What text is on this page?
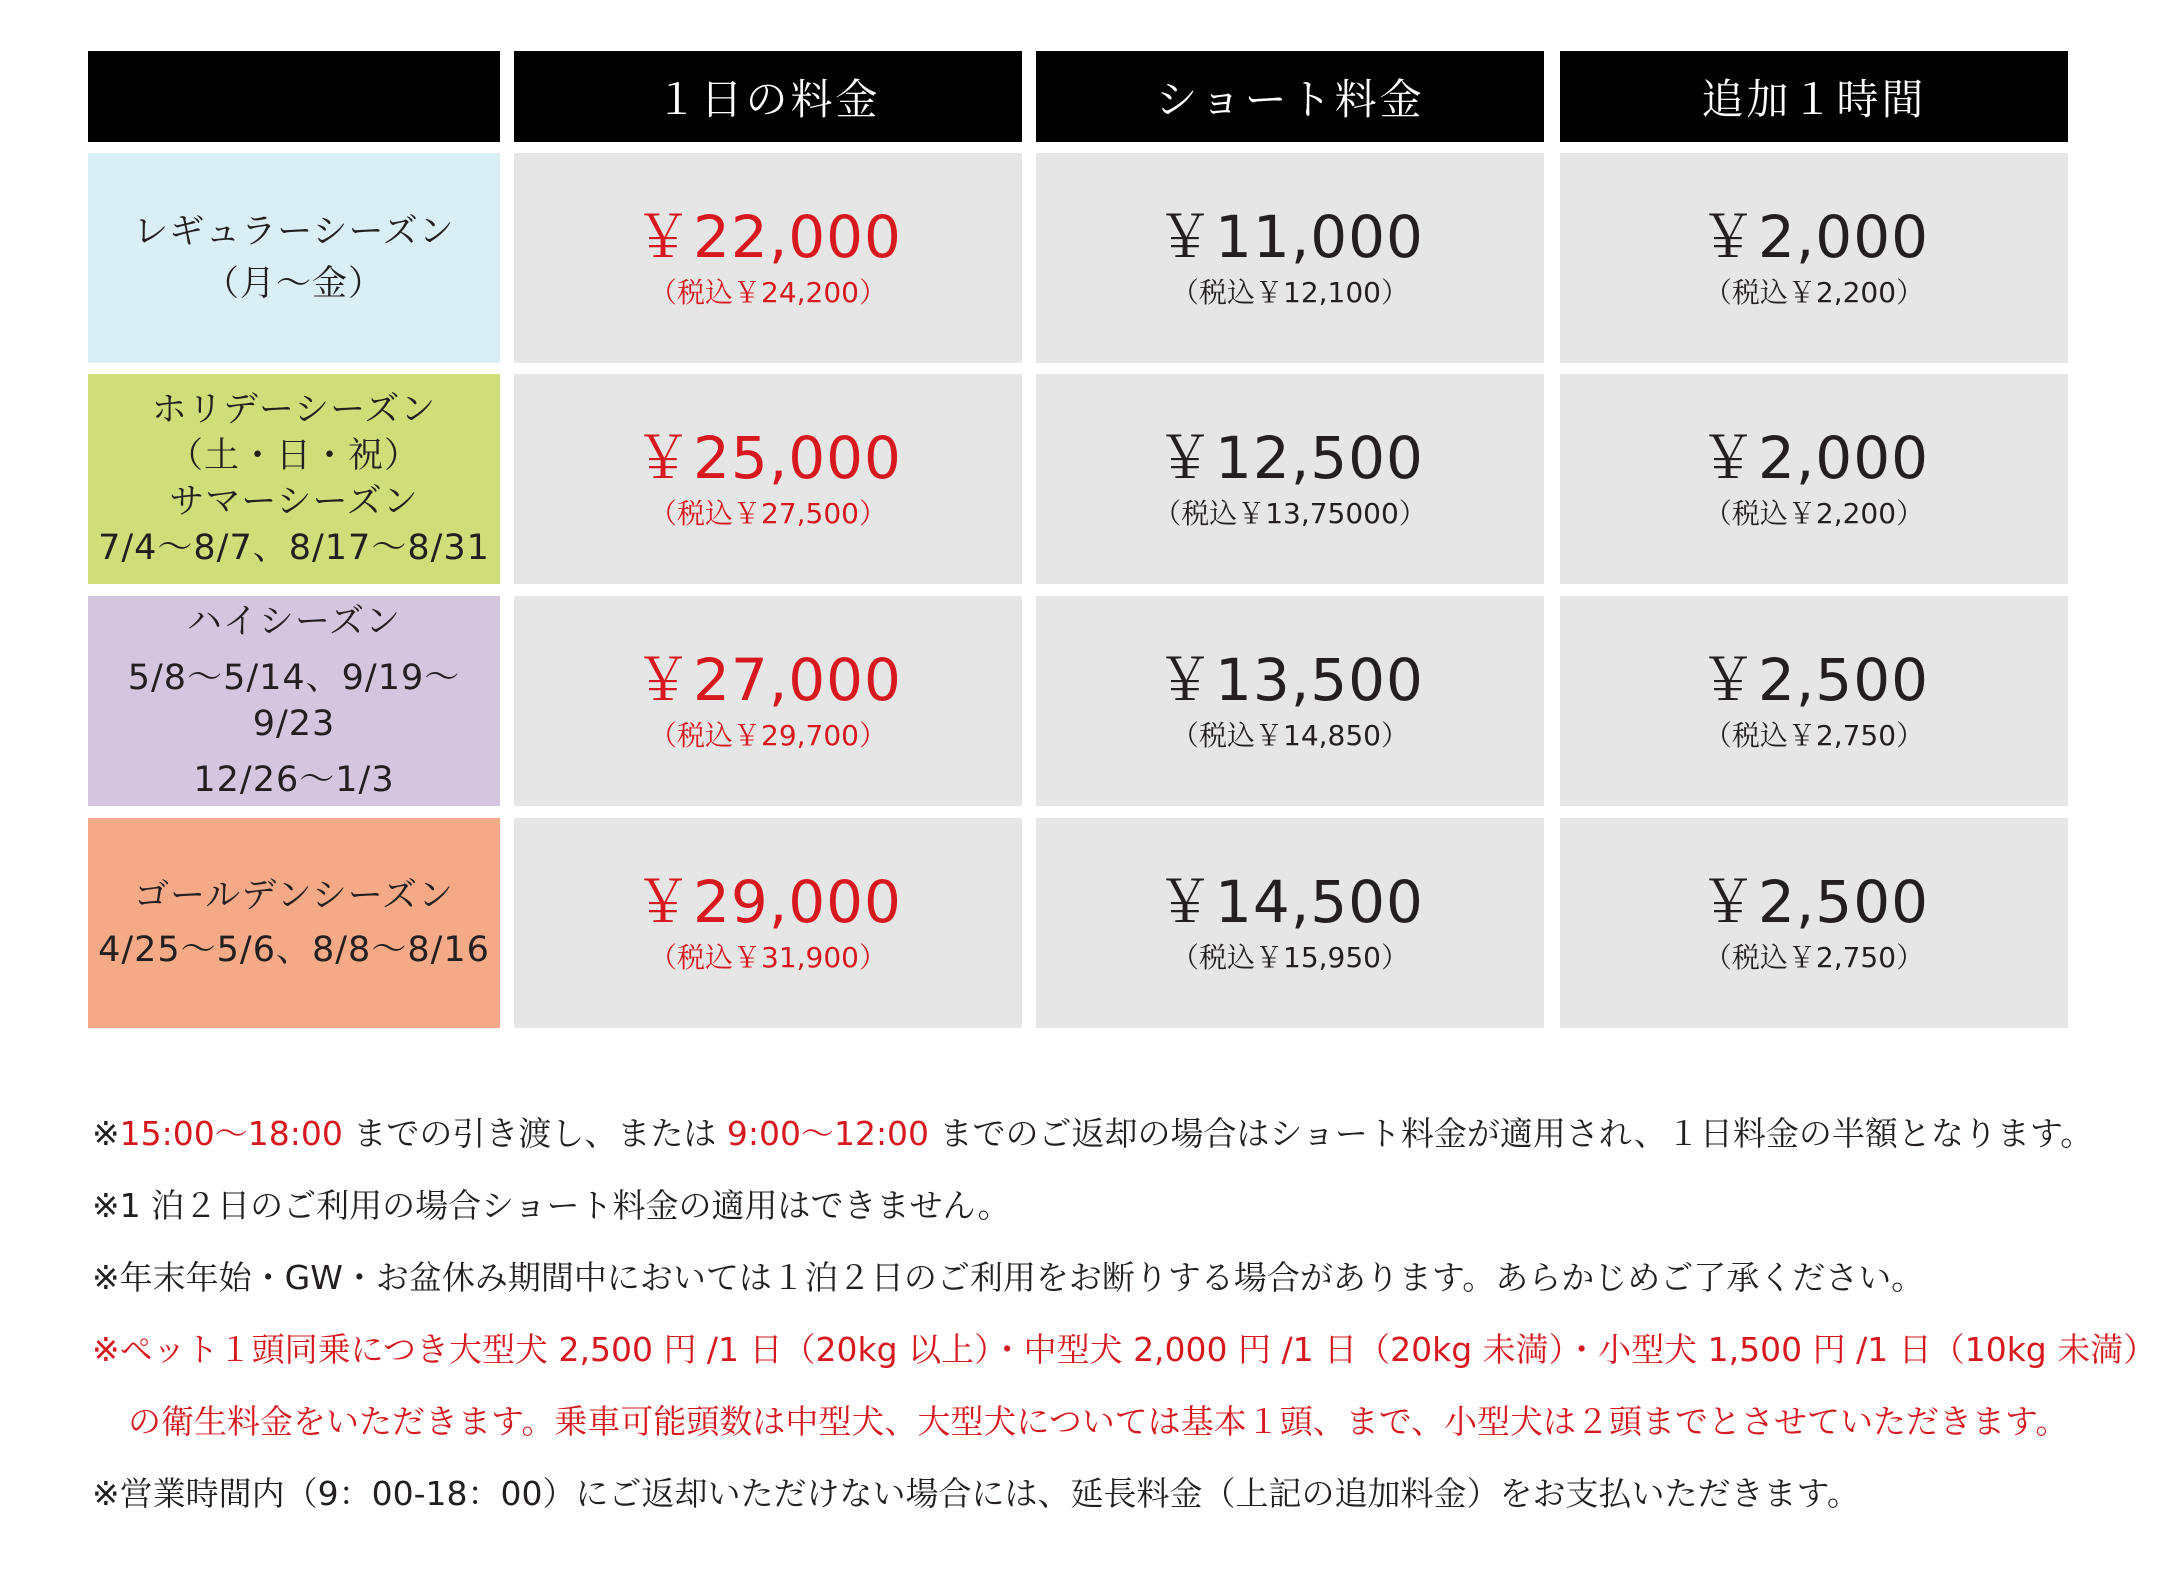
１日の料金	ショート料金	追加１時間
レギュラーシーズン
（月〜金）
￥22,000
（税込￥24,200）
￥11,000
（税込￥12,100）
￥2,000
（税込￥2,200）
ホリデーシーズン
（土・日・祝）
サマーシーズン
7/4〜8/7、8/17〜8/31
￥25,000
（税込￥27,500）
￥12,500
（税込￥13,75000）
￥2,000
（税込￥2,200）
ハイシーズン
5/8〜5/14、9/19〜9/23
12/26〜1/3
￥27,000
（税込￥29,700）
￥13,500
（税込￥14,850）
￥2,500
（税込￥2,750）
ゴールデンシーズン
4/25〜5/6、8/8〜8/16
￥29,000
（税込￥31,900）
￥14,500
（税込￥15,950）
￥2,500
（税込￥2,750）
※15:00〜18:00 までの引き渡し、または 9:00〜12:00 までのご返却の場合はショート料金が適用され、１日料金の半額となります。
※1 泊２日のご利用の場合ショート料金の適用はできません。
※年末年始・GW・お盆休み期間中においては１泊２日のご利用をお断りする場合があります。あらかじめご了承ください。
※ペット１頭同乗につき大型犬 2,500 円 /1 日（20kg 以上）・中型犬 2,000 円 /1 日（20kg 未満）・小型犬 1,500 円 /1 日（10kg 未満）
の衛生料金をいただきます。乗車可能頭数は中型犬、大型犬については基本１頭、まで、小型犬は２頭までとさせていただきます。
※営業時間内（9：00-18：00）にご返却いただけない場合には、延長料金（上記の追加料金）をお支払いただきます。
